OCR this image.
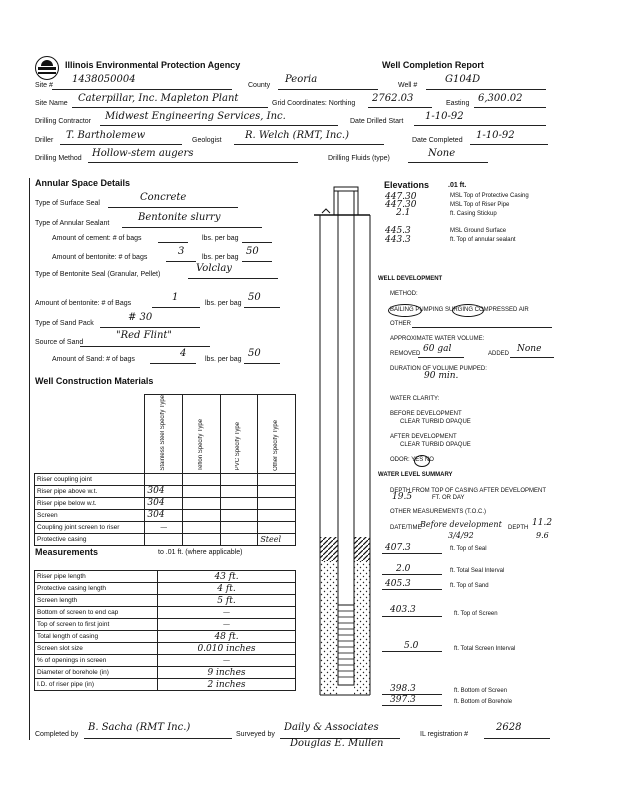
Illinois Environmental Protection Agency	Well Completion Report
Site #
1438050004
County
Peoria
Well #
G104D
Site Name Caterpillar, Inc. Mapleton Plant	Grid Coordinates: Northing 2762.03	Easting 6,300.02
Drilling Contractor Midwest Engineering Services, Inc.	Date Drilled Start 1-10-92
Driller T. Bartholemew	Geologist R. Welch (RMT, Inc.)	Date Completed 1-10-92
Drilling Method Hollow-stem augers	Drilling Fluids (type)	None
Annular Space Details
Type of Surface Seal
Concrete
Type of Annular Sealant
Bentonite slurry
Amount of cement: # of bags	lbs. per bag
Amount of bentonite: # of bags
3
lbs. per bag
50
Type of Bentonite Seal (Granular, Pellet)
Volclay
Amount of bentonite: # of Bags
1
lbs. per bag
50
Type of Sand Pack
# 30
Source of Sand
"Red Flint"
Amount of Sand: # of bags
4
lbs. per bag
50
Well Construction Materials
	Stainless Steel Specify Type	Teflon Specify Type	PVC Specify Type	Other Specify Type
Riser coupling joint				
Riser pipe above w.t.	304			
Riser pipe below w.t.	304			
Screen	304			
Coupling joint screen to riser	—			
Protective casing				Steel
Measurements	to .01 ft. (where applicable)
Riser pipe length	43 ft.
Protective casing length	4 ft.
Screen length	5 ft.
Bottom of screen to end cap	—
Top of screen to first joint	—
Total length of casing	48 ft.
Screen slot size	0.010 inches
% of openings in screen	—
Diameter of borehole (in)	9 inches
I.D. of riser pipe (in)	2 inches
Completed by
B. Sacha (RMT Inc.)
Surveyed by
Daily & Associates
Douglas E. Mullen
IL registration #
2628
Elevations	.01 ft.
447.30	MSL Top of Protective Casing
447.30	MSL Top of Riser Pipe
2.1	ft. Casing Stickup
445.3	MSL Ground Surface
443.3	ft. Top of annular sealant
WELL DEVELOPMENT
METHOD:
BAILING PUMPING SURGING COMPRESSED AIR
OTHER
APPROXIMATE WATER VOLUME:
REMOVED 60 gal	ADDED None
DURATION OF VOLUME PUMPED:
90 min.
WATER CLARITY:
BEFORE DEVELOPMENT
CLEAR TURBID OPAQUE
AFTER DEVELOPMENT
CLEAR TURBID OPAQUE
ODOR: YES NO
WATER LEVEL SUMMARY
DEPTH FROM TOP OF CASING AFTER DEVELOPMENT
19.5	FT. OR DAY
OTHER MEASUREMENTS (T.O.C.)
DATE/TIME
Before development DEPTH 11.2
3/4/92	9.6
407.3	ft. Top of Seal
2.0	ft. Total Seal Interval
405.3	ft. Top of Sand
403.3	ft. Top of Screen
5.0	ft. Total Screen Interval
398.3	ft. Bottom of Screen
397.3	ft. Bottom of Borehole
